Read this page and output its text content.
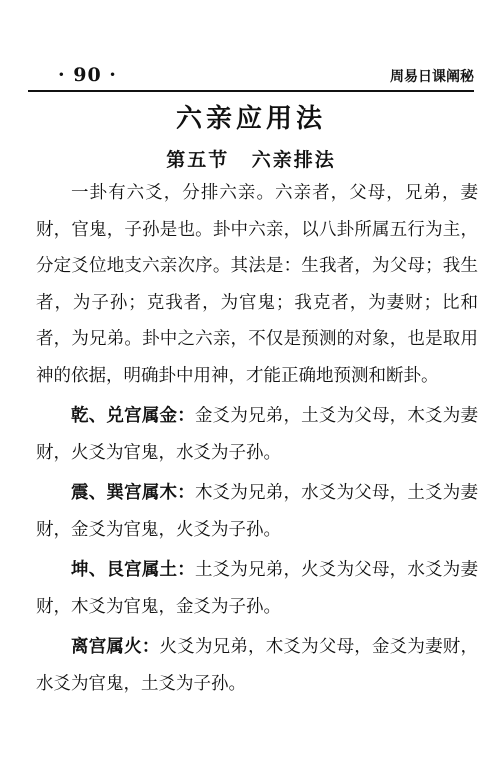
· 90 ·	周易日课阐秘
六亲应用法
第五节 六亲排法

一卦有六爻，分排六亲。六亲者，父母，兄弟，妻财，官鬼，子孙是也。卦中六亲，以八卦所属五行为主，分定爻位地支六亲次序。其法是：生我者，为父母；我生者，为子孙；克我者，为官鬼；我克者，为妻财；比和者，为兄弟。卦中之六亲，不仅是预测的对象，也是取用神的依据，明确卦中用神，才能正确地预测和断卦。

乾、兑宫属金：金爻为兄弟，土爻为父母，木爻为妻财，火爻为官鬼，水爻为子孙。

震、巽宫属木：木爻为兄弟，水爻为父母，土爻为妻财，金爻为官鬼，火爻为子孙。

坤、艮宫属土：土爻为兄弟，火爻为父母，水爻为妻财，木爻为官鬼，金爻为子孙。

离宫属火：火爻为兄弟，木爻为父母，金爻为妻财，水爻为官鬼，土爻为子孙。
